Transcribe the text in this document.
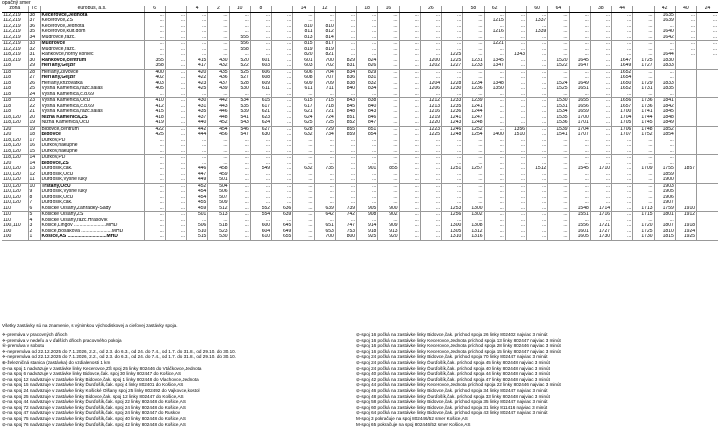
opačný smer
zóna	Tč	eurobus, a.s.	6		4	2	10	8		14	12		18	16		26		58	62		60	64		38	44		42	40	24
112,219	38	Kecerovce,Jednota	...	...	...	...	...	...	...	...	...	...	...	...	...	...	...	...	...	...	...	...	...	...	...	...	1635	...	...
112,219	37	Kecerovce,ZŠ	...	...	...	...	...	...	...	...	...	...	...	...	...	...	...	...	1215	...	1337	...	...	...	...	...	1639	...	...
112,219	36	Kecerovce,Jednota	...	...	...	...	...	...	...	810	810	...	...	...	...	...	...	...	...	...	...	...	...	...	...	...	...	...	...
112,219	35	Kecerovce,kult.dom	...	...	...	...	...	...	...	811	812	...	...	...	...	...	...	...	1216	...	1339	...	...	...	...	...	1640	...	...
112,219	34	Mudrovce,rázc.	...	...	...	...	555	...	...	813	814	...	...	...	...	...	...	...	...	...	...	...	...	...	...	...	1642	...	...
112,219	33	Mudrovce	...	...	...	...	556	...	...	815	817	...	...	...	...	...	...	...	1221	...	...	...	...	...	...	...	...	...	...
112,219	32	Mudrovce,rázc.	...	...	...	...	558	...	...	819	819	...	...	...	...	...	...	...	...	...	...	...	...	...	...	...	...	...	...
118,219	31	Rankovce,horný koniec	...	...	...	...	...	...	...	820	821	...	...	...	...	...	1225	...	...	1343	...	...	...	...	...	...	1644	...	...
118,219	30	Rankovce,centrum	355	...	415	430	520	601	...	601	700	829	824	...	...	1200	1225	1231	1345	...	...	1520	1645	...	1647	1725	1830		
118	29	Herľany,Gejzír	358	...	417	432	522	603	...	603	702	831	826	...	...	1202	1227	1233	1347	...	...	1522	1647	...	1649	1727	1833		
118	28	Herľany,Zlivovce	400	...	420	435	525	606	...	606	704	834	829	...	...	...	...	...	...	...	...	...	...	...	1652	...	...		
118	27	Herľany,Gejzír	402	...	422	436	527	608	...	608	707	836	831	...	...	...	...	...	...	...	...	...	...	...	1654	...	...		
118	26	Herľany,križovatka	403	...	423	437	528	609	...	609	709	838	832	...	...	1204	1228	1234	1348	...	...	1524	1649	...	1650	1729	1833		
118	25	Vyšná Kamenica,rázc.salaš	405	...	425	439	530	611	...	611	711	840	834	...	...	1206	1230	1236	1350	...	...	1525	1651	...	1652	1731	1835		
118	24	Vyšná Kamenica,č.d.69	...	...	...	...	...	...	...	...	...	...	...	...	...	...	...	...	...	...	...	...	...	...	...	...	...		
118	23	Vyšná Kamenica,OcÚ	410	...	430	442	534	615	...	615	715	843	838	...	...	1212	1233	1239	...	...	...	1530	1655	...	1656	1736	1841		
118	22	Vyšná Kamenica,č.d.69	412	...	431	443	535	617	...	617	718	845	840	...	...	1213	1235	1241	...	...	...	1531	1656	...	1657	1736	1842		
118	21	Vyšná Kamenica,rázc.salaš	415	...	435	446	539	621	...	621	721	848	843	...	...	1216	1236	1244	...	...	...	1534	1659	...	1700	1741	1845		
118,120	20	Nižná Kamenica,ZŠ	418	...	437	448	541	623	...	624	724	851	846	...	...	1219	1241	1247	...	...	...	1535	1700	...	1704	1744	1848		
118,120	19	Nižná Kamenica,OcÚ	419	...	440	452	543	624	...	625	725	852	847	...	...	1220	1243	1248	...	...	...	1536	1701	...	1705	1745	1849		
120	19	Bidovce,centrum	422	...	442	454	546	627	...	628	729	855	851	...	...	1223	1246	1252	...	1356	...	1539	1704	...	1706	1748	1852		
120	18	Bidovce	425	...	444	456	547	630	...	632	734	859	854	...	...	1225	1248	1254	1400	1510	...	1541	1707	...	1707	1752	1854		
118,120	17	Ďurkov,PD	...	...	...	...	...	...	...	...	...	...	...	...	...	...	...	...	...	...	...	...	...	...	...	...	...		
118,120	16	Ďurkov,nákupné	...	...	...	...	...	...	...	...	...	...	...	...	...	...	...	...	...	...	...	...	...	...	...	...	...		
118,120	15	Ďurkov,nákupné	...	...	...	...	...	...	...	...	...	...	...	...	...	...	...	...	...	...	...	...	...	...	...	...	...		
118,120	14	Ďurkov,PD	...	...	...	...	...	...	...	...	...	...	...	...	...	...	...	...	...	...	...	...	...	...	...	...	...		
120	14	Bidovce,ZŠ	...	...	...	...	...	...	...	...	...	...	...	...	...	...	...	...	...	...	...	...	...	...	...	...	...		
110,120	13	Ďurďošík,čak.	...	...	446	458	...	549	...	632	735	...	901	855	...	...	1251	1257	...	...	1512	...	1545	1710	...	1709	1755	1857	
110,120	12	Ďurďošík,OcÚ	...	...	447	459	...	...	...	...	...	...	...	...	...	...	...	...	...	...	...	...	...	...	...	...	1859		
110,120	11	Ďurďošík,Vyšné lúky	...	...	449	501	...	...	...	...	...	...	...	...	...	...	...	...	...	...	...	...	...	...	...	...	1900		
110,120	10	Trstany,OcÚ	...	...	452	504	...	...	...	...	...	...	...	...	...	...	...	...	...	...	...	...	...	...	...	...	1903		
110,120	9	Ďurďošík,Vyšné lúky	...	...	454	506	...	...	...	...	...	...	...	...	...	...	...	...	...	...	...	...	...	...	...	...	1905		
110,120	8	Ďurďošík,OcÚ	...	...	454	507	...	...	...	...	...	...	...	...	...	...	...	...	...	...	...	...	...	...	...	...	1906		
110,120	7	Ďurďošík,čak.	...	...	455	509	...	...	...	...	...	...	...	...	...	...	...	...	...	...	...	...	...	...	...	...	1907		
110	6	Košické Olšany,Záhradky-Sady	...	...	459	512	...	552	636	...	639	739	905	900	...	...	1253	1300	...	...	...	...	1548	1714	...	1713	1759	1910	
110	5	Košické Olšany,ZŠ	...	...	501	513	...	554	639	...	642	742	908	902	...	...	1256	1302	...	...	...	...	1551	1716	...	1715	1801	1912	
110	4	Košické Olšany,rázc.Hrašovík	...	...	...	...	...	...	...	...	...	...	...	...	...	...	...	...	...	...	...	...	...	...	...	...	...		
100,110	3	Košice,Lingov .......................MHD	...	...	506	518	...	600	645	...	651	747	914	909	...	...	1300	1308	...	...	...	...	1556	1721	...	1720	1807	1918	
100	2	Košice,Bosáková ......................MHD	...	...	510	523	...	604	649	...	653	753	918	913	...	...	1305	1312	...	...	...	...	1601	1727	...	1725	1810	1924	
100	1	Košice,AS ............................MHD	...	...	515	530	...	610	655	...	700	800	925	920	...	...	1310	1316	...	...	...	...	1605	1730	...	1730	1815	1925	
Všetky zastávky sú na znamenie, s výnimkou východiskovej a cieľovej zastávky spoja.
✈-premáva v pracovných dňoch
✈-premáva v nedeľu a v ďalších dňoch pracovného pokoja
⑥-premáva v sobotu
✈-nepremáva od 22.12.2025 do 7.1.2026, 2.2., od 2.3. do 6.3., od 24. do 7.4., od 1.7. do 31.8., od 29.10. do 30.10.
✈-nepremáva od 22.12.2025 do 7.1.2026, 2.2., od 2.3. do 6.3., od 24. do 7.4., od 1.7. do 31.8., od 29.10. do 30.10.
⊕-železničná stanica (zastávka) do vzdialenosti 1 km
⊘-na spoj 1 nadväzuje v zastávke linky Kecerovce,ZŠ spoj 25 linky 802446 do Vtáčkovce,Jednota
⊘-na spoj 6 nadväzuje v zastávke linky Bidovce,čak. spoj 30 linky 802447 do Košice,AS
⊘-na spoj 12 nadväzuje v zastávke linky Bidovce,čak. spoj 1 linky 802448 do Vlachovce,Jednota
⊘-na spoj 15 nadväzuje v zastávke linky Ďurďošík,čak. spoj 4 linky 802401 do Košice,AS
⊘-na spoj 24 nadväzuje v zastávke linky Košické Olšany spoj 25 linky 802492 do Vajkovce,kostol
⊘-na spoj 25 nadväzuje v zastávke linky Bidovce,čak. spoj 12 linky 802447 do Košice,AS
⊘-na spoj 44 nadväzuje v zastávke linky Ďurďošík,čak. spoj 22 linky 802448 do Košice,AS
⊘-na spoj 72 nadväzuje v zastávke linky Ďurďošík,čak. spoj 24 linky 802448 do Košice,AS
⊘-na spoj 47 nadväzuje v zastávke linky Ďurďošík,čak. spoj 24 linky 802447 do Ruskov
⊘-na spoj 75 nadväzuje v zastávke linky Ďurďošík,čak. spoj 40 linky 802448 do Košice,AS
⊘-na spoj 76 nadväzuje v zastávke linky Ďurďošík,čak. spoj 42 linky 802448 do Košice,AS
⊘-spoj 16 počká na zastávke linky Bidovce,čak. príchod spoja 26 linky 802402 najviac 3 minút
⊘-spoj 16 počká na zastávke linky Kecerovce,Jednota príchod spoja 13 linky 802447 najviac 3 minút
⊘-spoj 16 počká na zastávke linky Kecerovce,Jednota príchod spoja 28 linky 802446 najviac 3 minút
⊘-spoj 16 počká na zastávke linky Kecerovce,Jednota príchod spoja 15 linky 802447 najviac 3 minút
⊘-spoj 24 počká na zastávke linky Bidovce,čak. príchod spoja 70 linky 802447 najviac 3 minút
⊘-spoj 24 počká na zastávke linky Ďurďošík,čak. príchod spoja 45 linky 802448 najviac 3 minút
⊘-spoj 24 počká na zastávke linky Ďurďošík,čak. príchod spoja 40 linky 802448 najviac 3 minút
⊘-spoj 40 počká na zastávke linky Ďurďošík,čak. príchod spoja 44 linky 802448 najviac 3 minút
⊘-spoj 42 počká na zastávke linky Ďurďošík,čak. príchod spoja 47 linky 802448 najviac 3 minút
⊘-spoj 44 počká na zastávke linky Kecerovce,Jednota príchod spoja 22 linky 802446 najviac 3 minút
⊘-spoj 46 počká na zastávke linky Bidovce,čak. príchod spoja 34 linky 802447 najviac 3 minút
⊘-spoj 48 počká na zastávke linky Ďurďošík,čak. príchod spoja 33 linky 802448 najviac 3 minút
⊘-spoj 58 počká na zastávke linky Bidovce,čak. príchod spoja 35 linky 802447 najviac 3 minút
⊘-spoj 60 počká na zastávke linky Bidovce,čak. príchod spoja 31 linky 811416 najviac 3 minút
⊘-spoj 64 počká na zastávke linky Bidovce,čak. príchod spoja 43 linky 802447 najviac 3 minút
M-spoj 3 pokračuje na spoj 802446/52 smer Košice,AS
M-spoj 65 pokračuje na spoj 802446/52 smer Košice,AS
